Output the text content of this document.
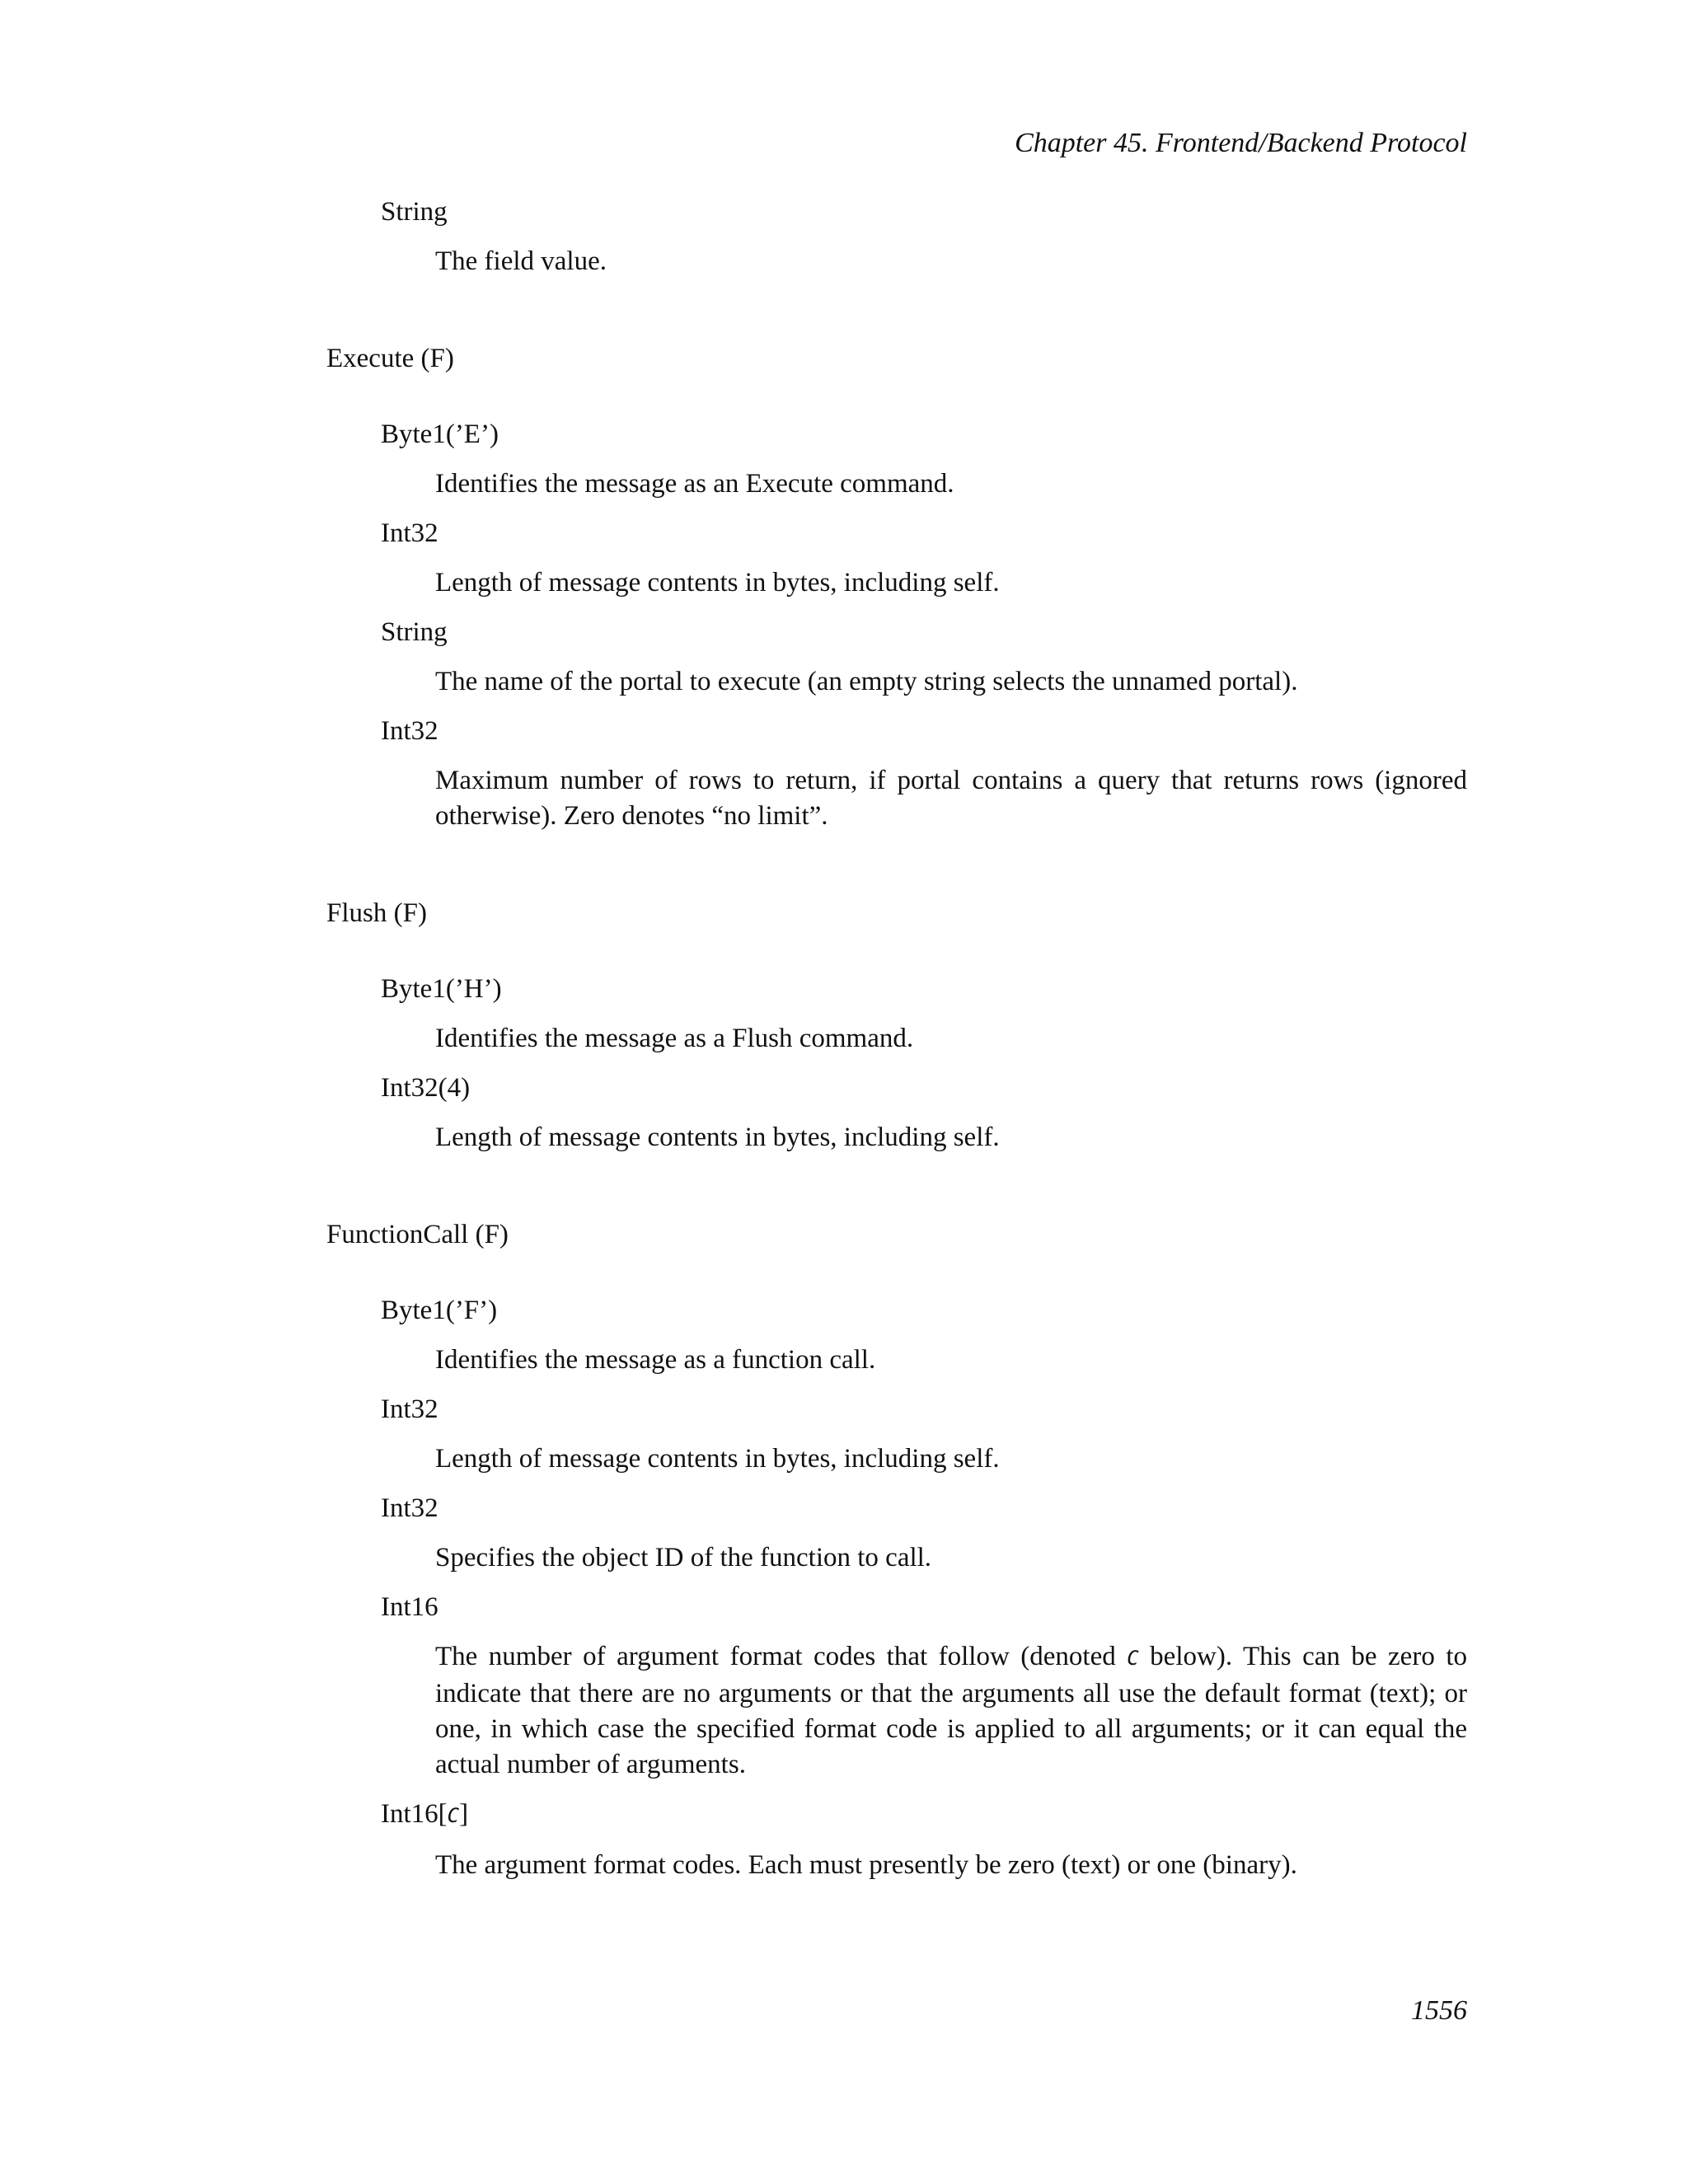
Chapter 45. Frontend/Backend Protocol
String
The field value.
Execute (F)
Byte1(’E’)
Identifies the message as an Execute command.
Int32
Length of message contents in bytes, including self.
String
The name of the portal to execute (an empty string selects the unnamed portal).
Int32
Maximum number of rows to return, if portal contains a query that returns rows (ignored otherwise). Zero denotes “no limit”.
Flush (F)
Byte1(’H’)
Identifies the message as a Flush command.
Int32(4)
Length of message contents in bytes, including self.
FunctionCall (F)
Byte1(’F’)
Identifies the message as a function call.
Int32
Length of message contents in bytes, including self.
Int32
Specifies the object ID of the function to call.
Int16
The number of argument format codes that follow (denoted C below). This can be zero to indicate that there are no arguments or that the arguments all use the default format (text); or one, in which case the specified format code is applied to all arguments; or it can equal the actual number of arguments.
Int16[C]
The argument format codes. Each must presently be zero (text) or one (binary).
1556
